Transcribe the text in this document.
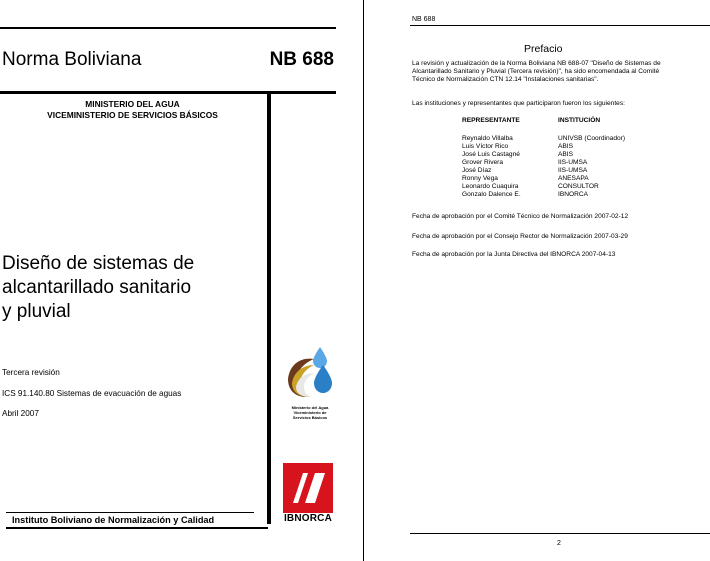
Norma Boliviana	NB 688
MINISTERIO DEL AGUA
VICEMINISTERIO DE SERVICIOS BÁSICOS
Diseño de sistemas de
alcantarillado sanitario
y pluvial
Tercera revisión
ICS 91.140.80 Sistemas de evacuación de aguas
Abril 2007
Ministerio del Agua
Viceministerio de
Servicios Básicos
IBNORCA
Instituto Boliviano de Normalización y Calidad
NB 688
Prefacio
La revisión y actualización de la Norma Boliviana NB 688-07 "Diseño de Sistemas de
Alcantarillado Sanitario y Pluvial (Tercera revisión)", ha sido encomendada al Comité
Técnico de Normalización CTN 12.14 "Instalaciones sanitarias".
Las instituciones y representantes que participaron fueron los siguientes:
REPRESENTANTE	INSTITUCIÓN
Reynaldo Villalba	UNIVSB (Coordinador)
Luis Víctor Rico	ABIS
José Luis Castagné	ABIS
Grover Rivera	IIS-UMSA
José Díaz	IIS-UMSA
Ronny Vega	ANESAPA
Leonardo Cuaquira	CONSULTOR
Gonzalo Dalence E.	IBNORCA
Fecha de aprobación por el Comité Técnico de Normalización 2007-02-12
Fecha de aprobación por el Consejo Rector de Normalización 2007-03-29
Fecha de aprobación por la Junta Directiva del IBNORCA 2007-04-13
2
